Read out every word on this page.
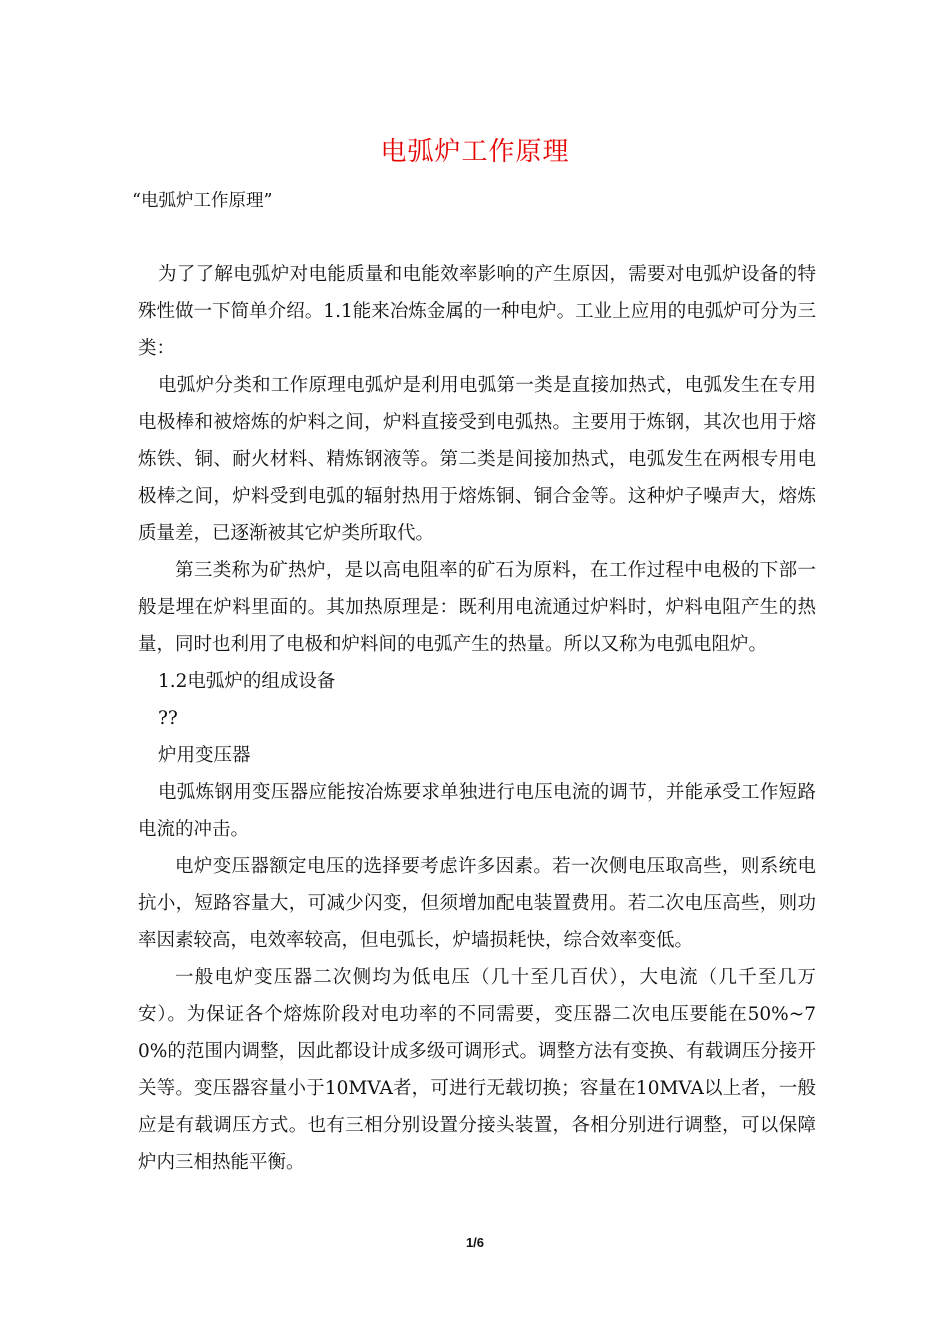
电弧炉工作原理
“电弧炉工作原理”

为了了解电弧炉对电能质量和电能效率影响的产生原因，需要对电弧炉设备的特殊性做一下简单介绍。1.1能来冶炼金属的一种电炉。工业上应用的电弧炉可分为三类：

电弧炉分类和工作原理电弧炉是利用电弧第一类是直接加热式，电弧发生在专用电极棒和被熔炼的炉料之间，炉料直接受到电弧热。主要用于炼钢，其次也用于熔炼铁、铜、耐火材料、精炼钢液等。第二类是间接加热式，电弧发生在两根专用电极棒之间，炉料受到电弧的辐射热用于熔炼铜、铜合金等。这种炉子噪声大，熔炼质量差，已逐渐被其它炉类所取代。

第三类称为矿热炉，是以高电阻率的矿石为原料，在工作过程中电极的下部一般是埋在炉料里面的。其加热原理是：既利用电流通过炉料时，炉料电阻产生的热量，同时也利用了电极和炉料间的电弧产生的热量。所以又称为电弧电阻炉。

1.2电弧炉的组成设备

??

炉用变压器

电弧炼钢用变压器应能按冶炼要求单独进行电压电流的调节，并能承受工作短路电流的冲击。

电炉变压器额定电压的选择要考虑许多因素。若一次侧电压取高些，则系统电抗小，短路容量大，可减少闪变，但须增加配电装置费用。若二次电压高些，则功率因素较高，电效率较高，但电弧长，炉墙损耗快，综合效率变低。

一般电炉变压器二次侧均为低电压（几十至几百伏），大电流（几千至几万安）。为保证各个熔炼阶段对电功率的不同需要，变压器二次电压要能在50%~70%的范围内调整，因此都设计成多级可调形式。调整方法有变换、有载调压分接开关等。变压器容量小于10MVA者，可进行无载切换；容量在10MVA以上者，一般应是有载调压方式。也有三相分别设置分接头装置，各相分别进行调整，可以保障炉内三相热能平衡。

1/6
